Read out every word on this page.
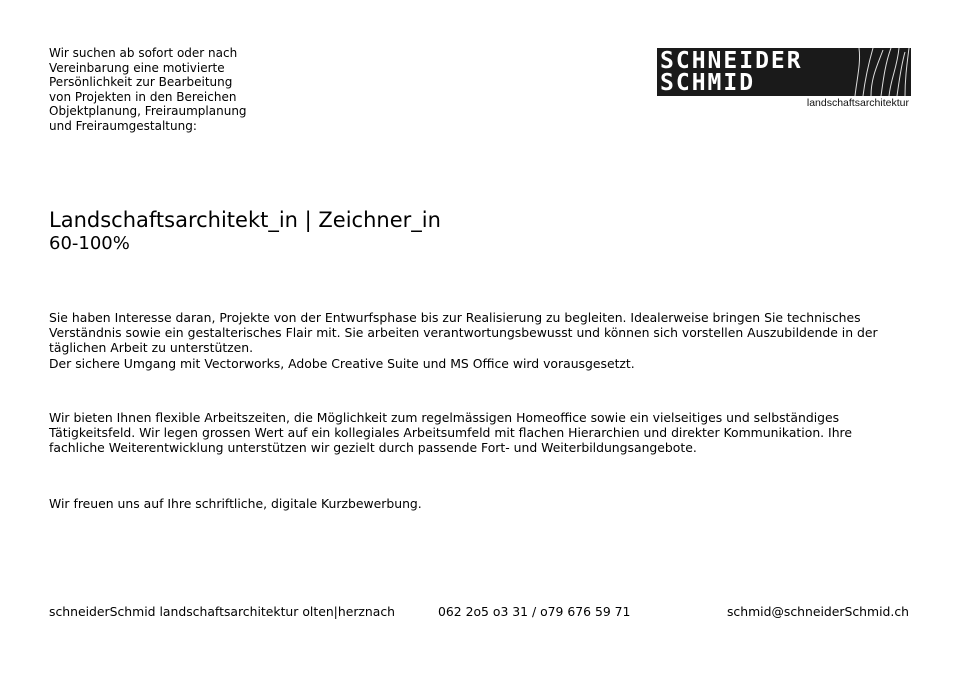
Wir suchen ab sofort oder nach
Vereinbarung eine motivierte
Persönlichkeit zur Bearbeitung
von Projekten in den Bereichen
Objektplanung, Freiraumplanung
und Freiraumgestaltung:
SCHNEIDER
SCHMID
landschaftsarchitektur
Landschaftsarchitekt_in | Zeichner_in
60-100%
Sie haben Interesse daran, Projekte von der Entwurfsphase bis zur Realisierung zu begleiten. Idealerweise bringen Sie technisches
Verständnis sowie ein gestalterisches Flair mit. Sie arbeiten verantwortungsbewusst und können sich vorstellen Auszubildende in der
täglichen Arbeit zu unterstützen.
Der sichere Umgang mit Vectorworks, Adobe Creative Suite und MS Office wird vorausgesetzt.
Wir bieten Ihnen flexible Arbeitszeiten, die Möglichkeit zum regelmässigen Homeoffice sowie ein vielseitiges und selbständiges
Tätigkeitsfeld. Wir legen grossen Wert auf ein kollegiales Arbeitsumfeld mit flachen Hierarchien und direkter Kommunikation. Ihre
fachliche Weiterentwicklung unterstützen wir gezielt durch passende Fort- und Weiterbildungsangebote.
Wir freuen uns auf Ihre schriftliche, digitale Kurzbewerbung.
schneiderSchmid landschaftsarchitektur olten|herznach	062 2o5 o3 31 / o79 676 59 71	schmid@schneiderSchmid.ch
